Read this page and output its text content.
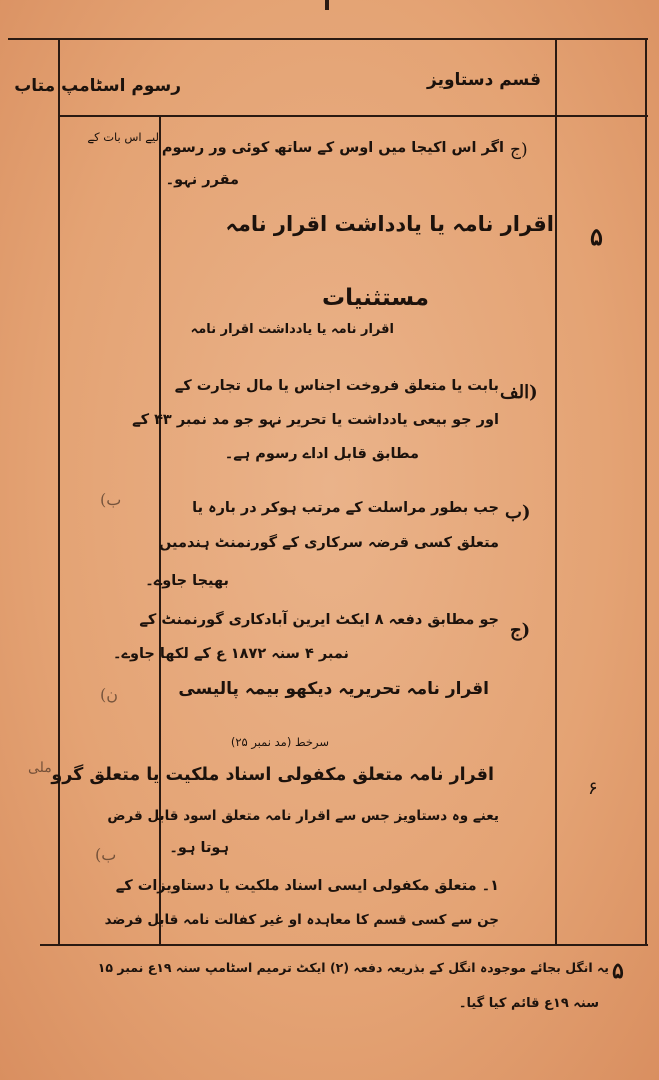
قسم دستاویز
رسوم اسٹامپ متاب
لیے اس بات کے
(ب
(ن
(ب
ملی
۵
ج)
اگر اس اکیجا میں اوس کے ساتھ کوئی ور رسوم
مقرر نہو۔
اقرار نامہ یا یادداشت اقرار نامہ
مستثنیات
اقرار نامہ یا یادداشت اقرار نامہ
الف)
بابت یا متعلق فروخت اجناس یا مال تجارت کے
اور جو بیعی یادداشت یا تحریر نہو جو مد نمبر ۴۳ کے
مطابق قابل اداے رسوم ہے۔
ب)
جب بطور مراسلت کے مرتب ہوکر در بارہ یا
متعلق کسی قرضہ سرکاری کے گورنمنٹ ہندمیں
بھیجا جاوے۔
ج)
جو مطابق دفعہ ۸ ایکٹ ایرین آبادکاری گورنمنٹ کے
نمبر ۴ سنہ ۱۸۷۲ ع کے لکھا جاوے۔
اقرار نامہ تحریریہ دیکھو بیمہ پالیسی
سرخط (مد نمبر ۲۵)
۶
اقرار نامہ متعلق مکفولی اسناد ملکیت یا متعلق گرو
یعنے وہ دستاویز جس سے اقرار نامہ متعلق اسود قابل قرض
ہوتا ہو۔
۱۔ متعلق مکفولی ایسی اسناد ملکیت یا دستاویزات کے
جن سے کسی قسم کا معاہدہ او غیر کفالت نامہ قابل فرضد
۵
یہ انگل بجائے موجودہ انگل کے بذریعہ دفعہ (۲) ایکٹ ترمیم اسٹامپ سنہ ۱۹ع نمبر ۱۵
سنہ ۱۹ع قائم کیا گیا۔
